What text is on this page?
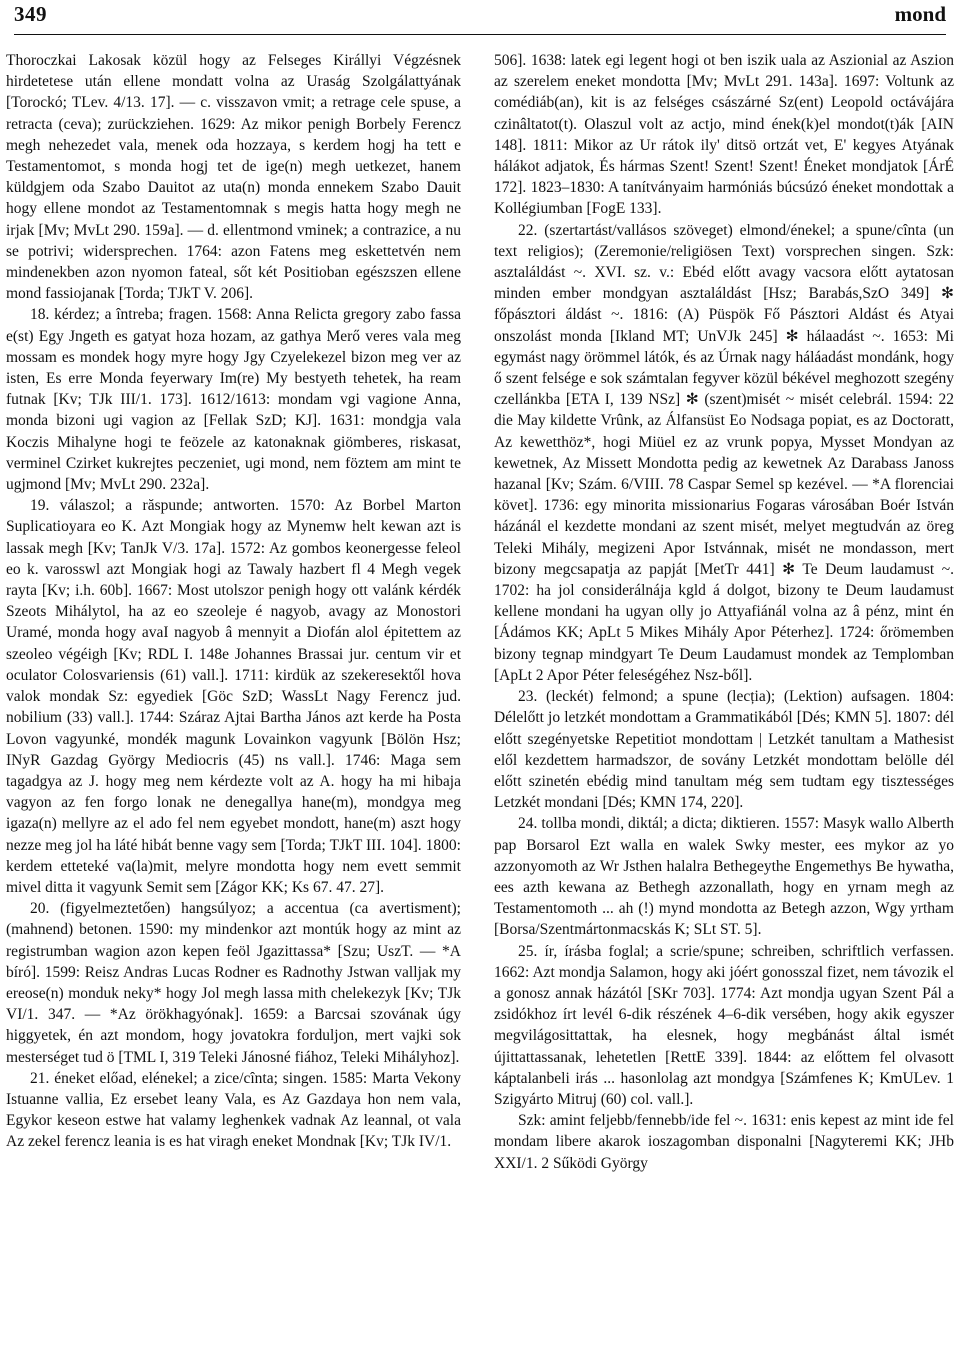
349	mond

Thoroczkai Lakosak közül hogy az Felseges Királlyi Végzésnek hirdetetese után ellene mondatt volna az Uraság Szolgálattyának [Torockó; TLev. 4/13. 17]. — c. visszavon vmit; a retrage cele spuse, a retracta (ceva); zurückziehen. 1629: Az mikor penigh Borbely Ferencz megh nehezedet vala, menek oda hozzaya, s kerdem hogj ha tett e Testamentomot, s monda hogj tet de ige(n) megh uetkezet, hanem küldgjem oda Szabo Dauitot az uta(n) monda ennekem Szabo Dauit hogy ellene mondot az Testamentomnak s megis hatta hogy megh ne irjak [Mv; MvLt 290. 159a]. — d. ellentmond vminek; a contrazice, a nu se potrivi; widersprechen. 1764: azon Fatens meg eskettetvén nem mindenekben azon nyomon fateal, sőt két Positioban egészszen ellene mond fassiojanak [Torda; TJkT V. 206].

18. kérdez; a întreba; fragen. 1568: Anna Relicta gregory zabo fassa e(st) Egy Jngeth es gatyat hoza hozam, az gathya Merő veres vala meg mossam es mondek hogy myre hogy Jgy Czyelekezel bizon meg ver az isten, Es erre Monda feyerwary Im(re) My bestyeth tehetek, ha ream futnak [Kv; TJk III/1. 173]. 1612/1613: mondam vgi vagione Anna, monda bizoni ugi vagion az [Fellak SzD; KJ]. 1631: mondgja vala Koczis Mihalyne hogi te feözele az katonaknak giömberes, riskasat, verminel Czirket kukrejtes peczeniet, ugi mond, nem föztem am mint te ugjmond [Mv; MvLt 290. 232a].

19. válaszol; a răspunde; antworten. 1570: Az Borbel Marton Suplicatioyara eo K. Azt Mongiak hogy az Mynemw helt kewan azt is lassak megh [Kv; TanJk V/3. 17a]. 1572: Az gombos keonergesse feleol eo k. varosswl azt Mongiak hogi az Tawaly hazbert fl 4 Megh vegek rayta [Kv; i.h. 60b]. 1667: Most utolszor penigh hogy ott valánk kérdék Szeots Mihálytol, ha az eo szeoleje é nagyob, avagy az Monostori Uramé, monda hogy avaI nagyob â mennyit a Diofán alol épitettem az szeoleo végéigh [Kv; RDL I. 148e Johannes Brassai jur. centum vir et oculator Colosvariensis (61) vall.]. 1711: kirdük az szekeresektől hova valok mondak Sz: egyediek [Göc SzD; WassLt Nagy Ferencz jud. nobilium (33) vall.]. 1744: Száraz Ajtai Bartha János azt kerde ha Posta Lovon vagyunké, mondék magunk Lovainkon vagyunk [Bölön Hsz; INyR Gazdag György Mediocris (45) ns vall.]. 1746: Maga sem tagadgya az J. hogy meg nem kérdezte volt az A. hogy ha mi hibaja vagyon az fen forgo lonak ne denegallya hane(m), mondgya meg igaza(n) mellyre az el ado fel nem egyebet mondott, hane(m) aszt hogy nezze meg jol ha láté hibát benne vagy sem [Torda; TJkT III. 104]. 1800: kerdem etteteké va(la)mit, melyre mondotta hogy nem evett semmit mivel ditta it vagyunk Semit sem [Zágor KK; Ks 67. 47. 27].

20. (figyelmeztetően) hangsúlyoz; a accentua (ca avertisment); (mahnend) betonen. 1590: my mindenkor azt montúk hogy az mint az registrumban wagion azon kepen feöl Jgazittassa* [Szu; UszT. — *A bíró]. 1599: Reisz Andras Lucas Rodner es Radnothy Jstwan valljak my ereose(n) monduk neky* hogy Jol megh lassa mith chelekezyk [Kv; TJk VI/1. 347. — *Az örökhagyónak]. 1659: a Barcsai szovának úgy higgyetek, én azt mondom, hogy jovatokra fordulјon, mert vajki sok mesterséget tud ö [TML I, 319 Teleki Jánosné fiához, Teleki Mihályhoz].

21. éneket előad, elénekel; a zice/cînta; singen. 1585: Marta Vekony Istuanne vallia, Ez ersebet leany Vala, es Az Gazdaya hon nem vala, Egykor keseon estwe hat valamy leghenkek vadnak Az leannal, ot vala Az zekel ferencz leania is es hat viragh eneket Mondnak [Kv; TJk IV/1.

506]. 1638: latek egi legent hogi ot ben iszik uala az Aszionial az Aszion az szerelem eneket mondotta [Mv; MvLt 291. 143a]. 1697: Voltunk az comédiáb(an), kit is az felséges császárné Sz(ent) Leopold octávájára czinâltatot(t). Olaszul volt az actjo, mind ének(k)el mondot(t)ák [AIN 148]. 1811: Mikor az Ur rátok ily' ditsö ortzát vet, E' kegyes Atyának hálákot adjatok, És hármas Szent! Szent! Szent! Éneket mondjatok [ÁrÉ 172]. 1823–1830: A tanítványaim harmóniás búcsúzó éneket mondottak a Kollégiumban [FogE 133].

22. (szertartást/vallásos szöveget) elmond/énekel; a spune/cînta (un text religios); (Zeremonie/religiösen Text) vorsprechen singen. Szk: asztaláldást ~. XVI. sz. v.: Ebéd előtt avagy vacsora előtt aytatosan minden ember mondgyan asztaláldást [Hsz; Barabás,SzO 349] ✻ főpásztori áldást ~. 1816: (A) Püspök Fő Pásztori Aldást és Atyai onszolást monda [Ikland MT; UnVJk 245] ✻ hálaadást ~. 1653: Mi egymást nagy örömmel látók, és az Úrnak nagy háláadást mondánk, hogy ő szent felsége e sok számtalan fegyver közül békével meghozott szegény czellánkba [ETA I, 139 NSz] ✻ (szent)misét ~ misét celebrál. 1594: 22 die May kildette Vrûnk, az Álfansüst Eo Nodsaga popiat, es az Doctoratt, Az kewetthöz*, hogi Miüel ez az vrunk popya, Mysset Mondyan az kewetnek, Az Missett Mondotta pedig az kewetnek Az Darabass Janoss hazanal [Kv; Szám. 6/VIII. 78 Caspar Semel sp kezével. — *A florenciai követ]. 1736: egy minorita missionarius Fogaras városában Boér István házánál el kezdette mondani az szent misét, melyet megtudván az öreg Teleki Mihály, megizeni Apor Istvánnak, misét ne mondasson, mert bizony megcsapatja az papját [MetTr 441] ✻ Te Deum laudamust ~. 1702: ha jol considerálnája kgld á dolgot, bizony te Deum laudamust kellene mondani ha ugyan olly jo Attyafiánál volna az â pénz, mint én [Ádámos KK; ApLt 5 Mikes Mihály Apor Péterhez]. 1724: őrömemben bizony tegnap mindgyart Te Deum Laudamust mondek az Templomban [ApLt 2 Apor Péter feleségéhez Nsz-ből].

23. (leckét) felmond; a spune (lecția); (Lektion) aufsagen. 1804: Délelőtt jo letzkét mondottam a Grammatikából [Dés; KMN 5]. 1807: dél előtt szegényetske Repetitiot mondottam | Letzkét tanultam a Mathesist elől kezdettem harmadszor, de sovány Letzkét mondottam belölle dél előtt szinetén ebédig mind tanultam még sem tudtam egy tisztességes Letzkét mondani [Dés; KMN 174, 220].

24. tollba mondi, diktál; a dicta; diktieren. 1557: Masyk wallo Alberth pap Borsarol Ezt walla en walek Swky mester, ees mykor az yo azzonyomoth az Wr Jsthen halalra Bethegeythe Engemethys Be hywatha, ees azth kewana az Bethegh azzonallath, hogy en yrnam megh az Testamentomoth ... ah (!) mynd mondotta az Betegh azzon, Wgy yrtham [Borsa/Szentmártonmacskás K; SLt ST. 5].

25. ír, írásba foglal; a scrie/spune; schreiben, schriftlich verfassen. 1662: Azt mondja Salamon, hogy aki jóért gonosszal fizet, nem távozik el a gonosz annak házától [SKr 703]. 1774: Azt mondja ugyan Szent Pál a zsidókhoz írt levél 6-dik részének 4–6-dik versében, hogy akik egyszer megvilágosittattak, ha elesnek, hogy megbánást által ismét újittattassanak, lehetetlen [RettE 339]. 1844: az előttem fel olvasott káptalanbeli irás ... hasonlolag azt mondgya [Számfenes K; KmULev. 1 Szigyárto Mitruj (60) col. vall.].

Szk: amint feljebb/fennebb/ide fel ~. 1631: enis kepest az mint ide fel mondam libere akarok ioszagomban disponalni [Nagyteremi KK; JHb XXI/1. 2 Sűködi György
